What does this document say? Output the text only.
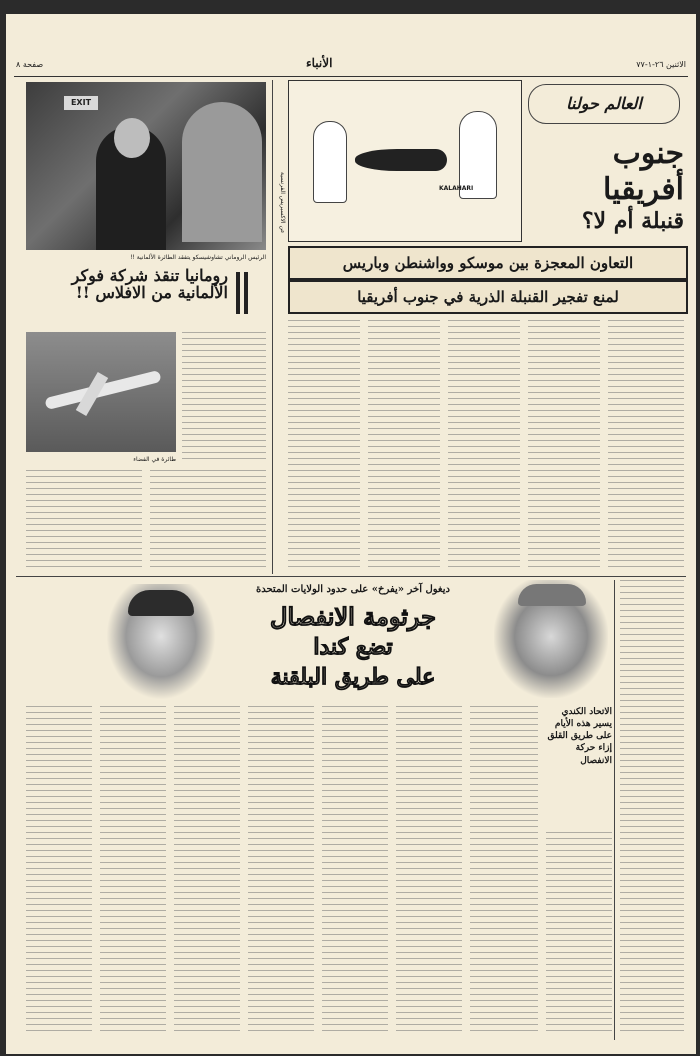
صفحة ٨	الأنباء	الاثنين ٢٦-١-٧٧
EXIT
الرئيس الروماني تشاوشيسكو يتفقد الطائرة الألمانية !!
رومانيا تنقذ شركة فوكر الألمانية من الافلاس !!
طائرة في الفضاء
KALAHARI
عن الاكسبريس الفرنسية
العالم حولنا
جنوب
أفريقيا
قنبلة أم لا؟
التعاون المعجزة بين موسكو وواشنطن وباريس
لمنع تفجير القنبلة الذرية في جنوب أفريقيا
ديغول آخر «يفرخ» على حدود الولايات المتحدة
جرثومة الانفصال
تضع كندا
على طريق البلقنة
الاتحاد الكندي يسير هذه الأيام على طريق القلق إزاء حركة الانفصال
